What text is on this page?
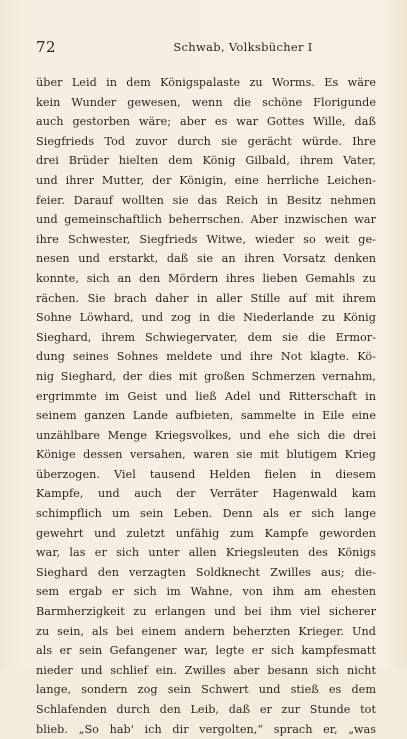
72	Schwab, Volksbücher I
über Leid in dem Königspalaste zu Worms. Es wäre
kein Wunder gewesen, wenn die schöne Florigunde
auch gestorben wäre; aber es war Gottes Wille, daß
Siegfrieds Tod zuvor durch sie gerächt würde. Ihre
drei Brüder hielten dem König Gilbald, ihrem Vater,
und ihrer Mutter, der Königin, eine herrliche Leichen-
feier. Darauf wollten sie das Reich in Besitz nehmen
und gemeinschaftlich beherrschen. Aber inzwischen war
ihre Schwester, Siegfrieds Witwe, wieder so weit ge-
nesen und erstarkt, daß sie an ihren Vorsatz denken
konnte, sich an den Mördern ihres lieben Gemahls zu
rächen. Sie brach daher in aller Stille auf mit ihrem
Sohne Löwhard, und zog in die Niederlande zu König
Sieghard, ihrem Schwiegervater, dem sie die Ermor-
dung seines Sohnes meldete und ihre Not klagte. Kö-
nig Sieghard, der dies mit großen Schmerzen vernahm,
ergrimmte im Geist und ließ Adel und Ritterschaft in
seinem ganzen Lande aufbieten, sammelte in Eile eine
unzählbare Menge Kriegsvolkes, und ehe sich die drei
Könige dessen versahen, waren sie mit blutigem Krieg
überzogen. Viel tausend Helden fielen in diesem
Kampfe, und auch der Verräter Hagenwald kam
schimpflich um sein Leben. Denn als er sich lange
gewehrt und zuletzt unfähig zum Kampfe geworden
war, las er sich unter allen Kriegsleuten des Königs
Sieghard den verzagten Soldknecht Zwilles aus; die-
sem ergab er sich im Wahne, von ihm am ehesten
Barmherzigkeit zu erlangen und bei ihm viel sicherer
zu sein, als bei einem andern beherzten Krieger. Und
als er sein Gefangener war, legte er sich kampfesmatt
nieder und schlief ein. Zwilles aber besann sich nicht
lange, sondern zog sein Schwert und stieß es dem
Schlafenden durch den Leib, daß er zur Stunde tot
blieb. „So hab' ich dir vergolten,“ sprach er, „was
